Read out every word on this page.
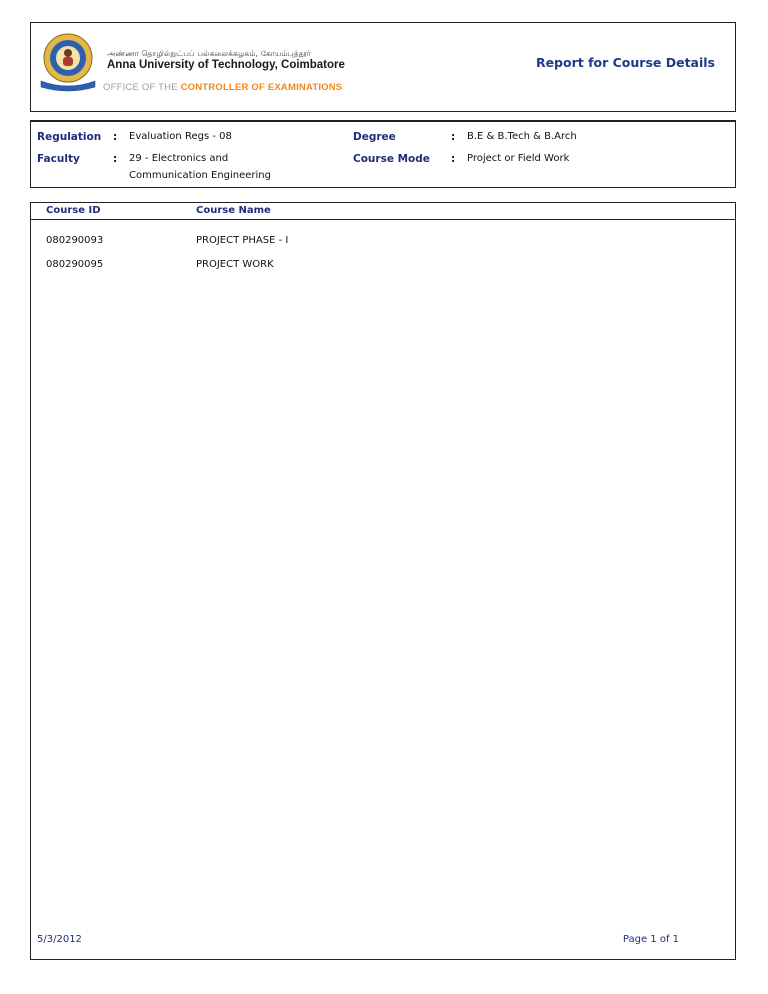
அண்ணா தொழில்நுட்பப் பல்கலைக்கழகம், கோயம்புத்தூர்
Anna University of Technology, Coimbatore
OFFICE OF THE CONTROLLER OF EXAMINATIONS
Report for Course Details
Regulation : Evaluation Regs - 08
Faculty	: 29 - Electronics and
Communication Engineering
Degree	: B.E & B.Tech & B.Arch
Course Mode : Project or Field Work
Course ID	Course Name
080290093	PROJECT PHASE - I
080290095	PROJECT WORK
5/3/2012	Page 1 of 1
